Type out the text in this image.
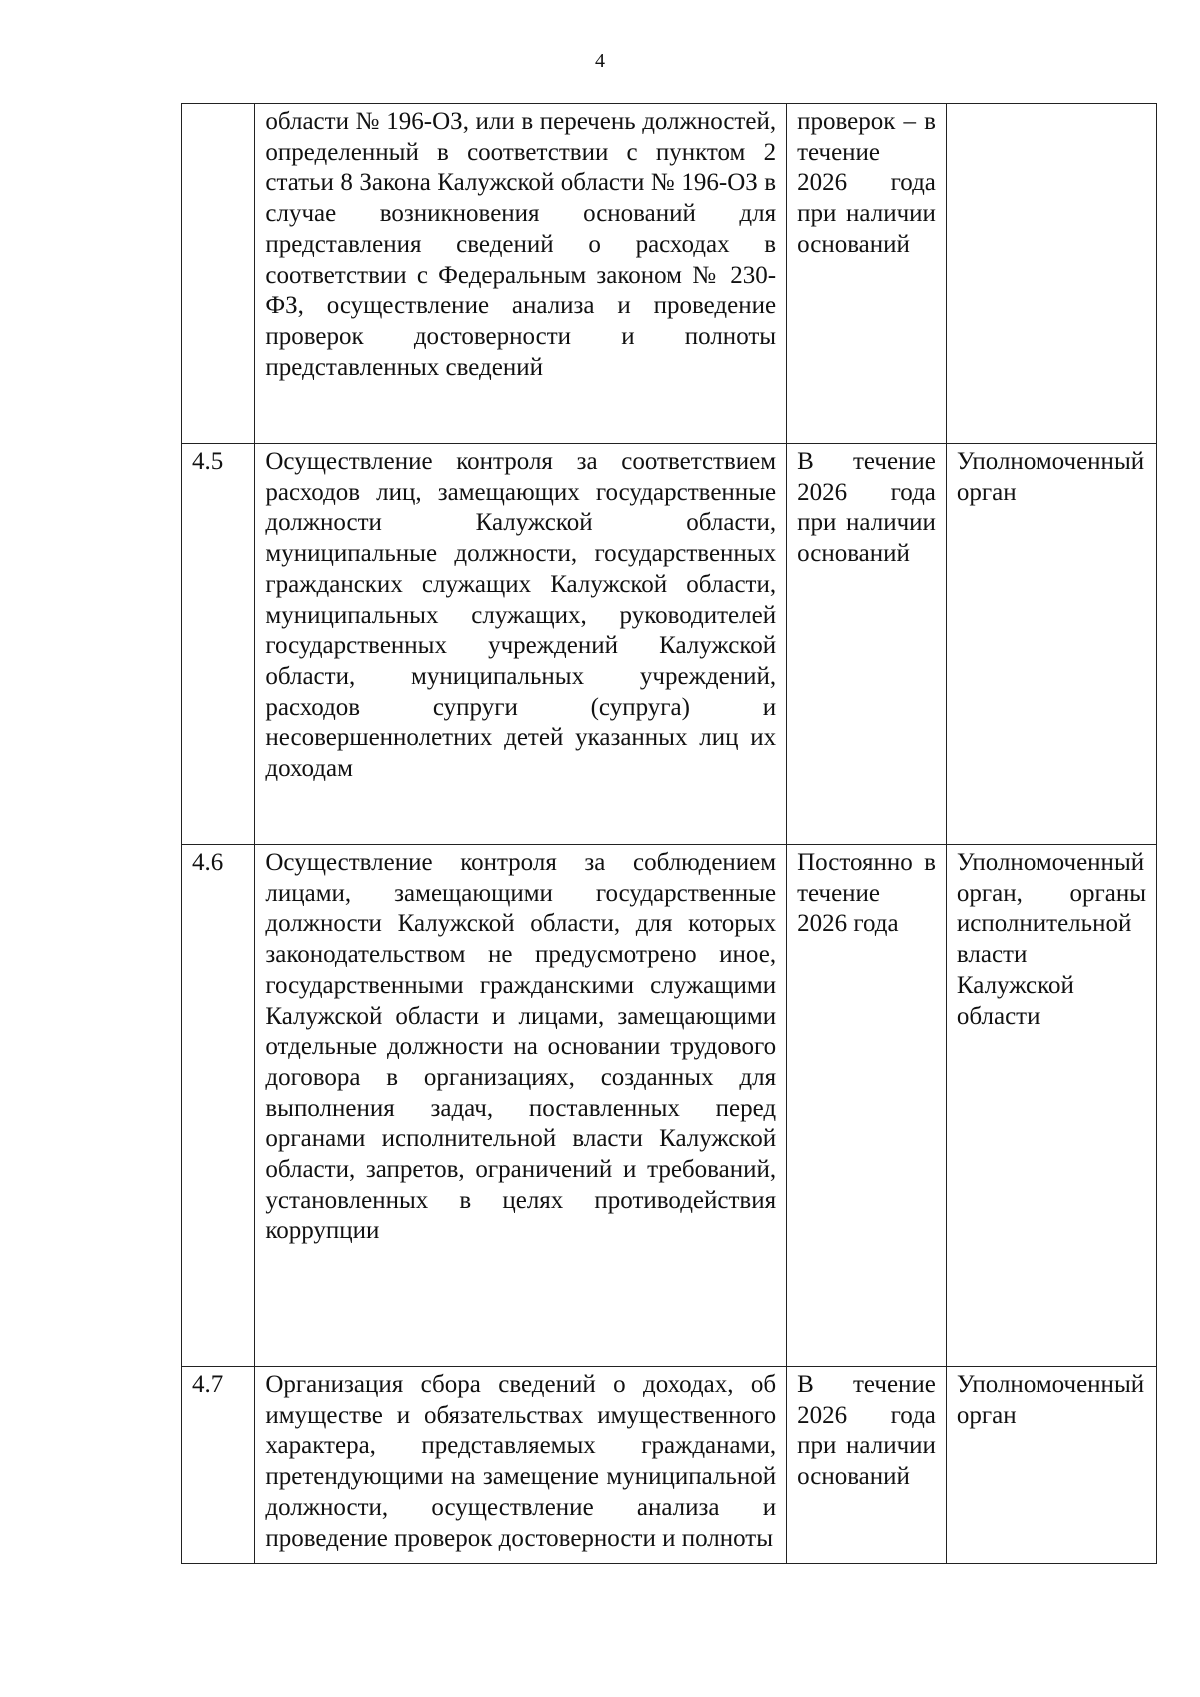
4
	области № 196-ОЗ, или в перечень должностей, определенный в соответствии с пунктом 2 статьи 8 Закона Калужской области № 196-ОЗ в случае возникновения оснований для представления сведений о расходах в соответствии с Федеральным законом № 230-ФЗ, осуществление анализа и проведение проверок достоверности и полноты представленных сведений	проверок – в течение 2026 года при наличии оснований	
4.5	Осуществление контроля за соответствием расходов лиц, замещающих государственные должности Калужской области, муниципальные должности, государственных гражданских служащих Калужской области, муниципальных служащих, руководителей государственных учреждений Калужской области, муниципальных учреждений, расходов супруги (супруга) и несовершеннолетних детей указанных лиц их доходам	В течение 2026 года при наличии оснований	Уполномоченный орган
4.6	Осуществление контроля за соблюдением лицами, замещающими государственные должности Калужской области, для которых законодательством не предусмотрено иное, государственными гражданскими служащими Калужской области и лицами, замещающими отдельные должности на основании трудового договора в организациях, созданных для выполнения задач, поставленных перед органами исполнительной власти Калужской области, запретов, ограничений и требований, установленных в целях противодействия коррупции	Постоянно в течение 2026 года	Уполномоченный орган, органы исполнительной власти Калужской области
4.7	Организация сбора сведений о доходах, об имуществе и обязательствах имущественного характера, представляемых гражданами, претендующими на замещение муниципальной должности, осуществление анализа и проведение проверок достоверности и полноты	В течение 2026 года при наличии оснований	Уполномоченный орган
